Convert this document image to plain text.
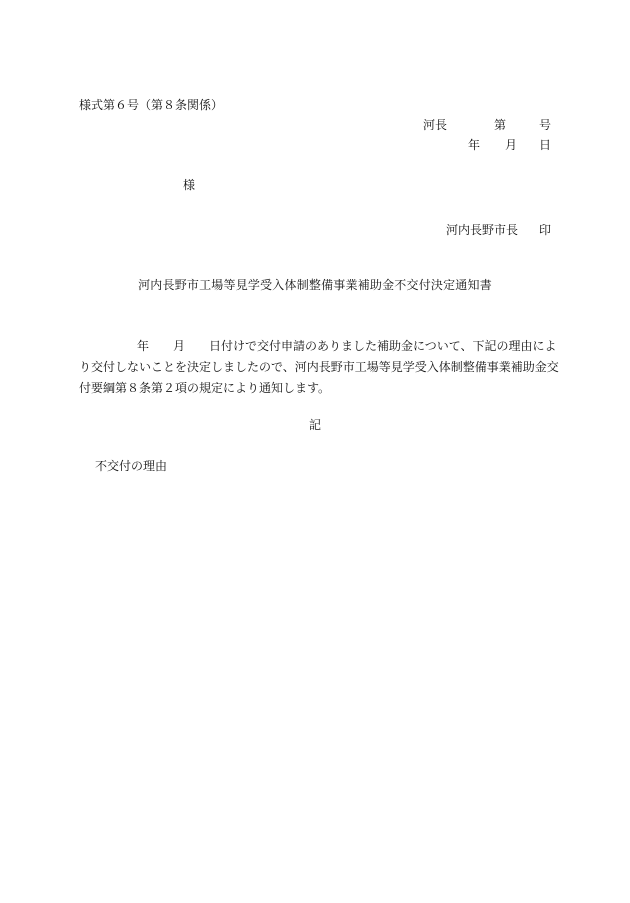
様式第６号（第８条関係）
河長	第	号
年 月 日
様
河内長野市長 印
河内長野市工場等見学受入体制整備事業補助金不交付決定通知書
年 月 日付けで交付申請のありました補助金について、下記の理由によ
り交付しないことを決定しましたので、河内長野市工場等見学受入体制整備事業補助金交
付要綱第８条第２項の規定により通知します。
記
不交付の理由
